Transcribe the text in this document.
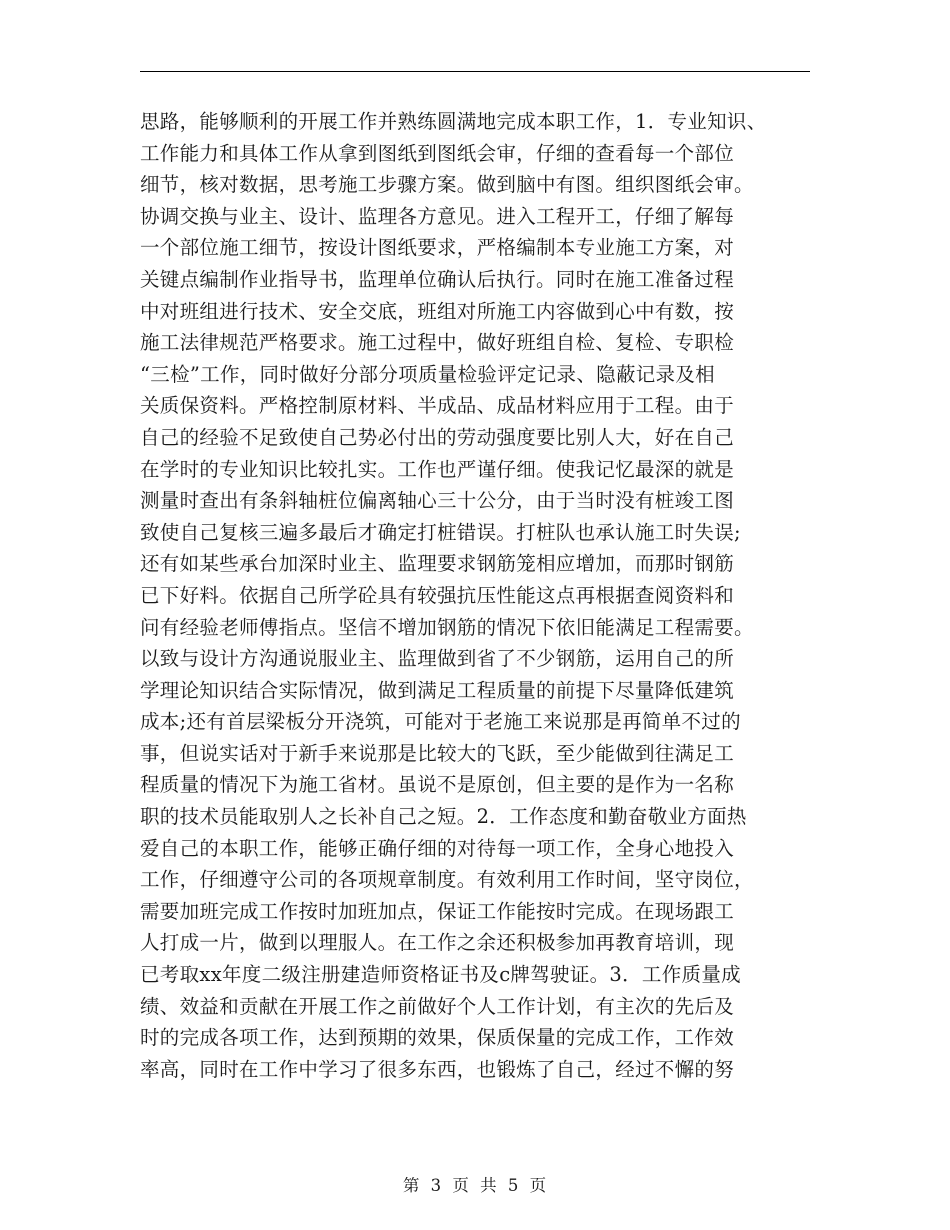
思路，能够顺利的开展工作并熟练圆满地完成本职工作，1．专业知识、
工作能力和具体工作从拿到图纸到图纸会审，仔细的查看每一个部位
细节，核对数据，思考施工步骤方案。做到脑中有图。组织图纸会审。
协调交换与业主、设计、监理各方意见。进入工程开工，仔细了解每
一个部位施工细节，按设计图纸要求，严格编制本专业施工方案，对
关键点编制作业指导书，监理单位确认后执行。同时在施工准备过程
中对班组进行技术、安全交底，班组对所施工内容做到心中有数，按
施工法律规范严格要求。施工过程中，做好班组自检、复检、专职检
“三检”工作，同时做好分部分项质量检验评定记录、隐蔽记录及相
关质保资料。严格控制原材料、半成品、成品材料应用于工程。由于
自己的经验不足致使自己势必付出的劳动强度要比别人大，好在自己
在学时的专业知识比较扎实。工作也严谨仔细。使我记忆最深的就是
测量时查出有条斜轴桩位偏离轴心三十公分，由于当时没有桩竣工图
致使自己复核三遍多最后才确定打桩错误。打桩队也承认施工时失误;
还有如某些承台加深时业主、监理要求钢筋笼相应增加，而那时钢筋
已下好料。依据自己所学砼具有较强抗压性能这点再根据查阅资料和
问有经验老师傅指点。坚信不增加钢筋的情况下依旧能满足工程需要。
以致与设计方沟通说服业主、监理做到省了不少钢筋，运用自己的所
学理论知识结合实际情况，做到满足工程质量的前提下尽量降低建筑
成本;还有首层梁板分开浇筑，可能对于老施工来说那是再简单不过的
事，但说实话对于新手来说那是比较大的飞跃，至少能做到往满足工
程质量的情况下为施工省材。虽说不是原创，但主要的是作为一名称
职的技术员能取别人之长补自己之短。2．工作态度和勤奋敬业方面热
爱自己的本职工作，能够正确仔细的对待每一项工作，全身心地投入
工作，仔细遵守公司的各项规章制度。有效利用工作时间，坚守岗位，
需要加班完成工作按时加班加点，保证工作能按时完成。在现场跟工
人打成一片，做到以理服人。在工作之余还积极参加再教育培训，现
已考取xx年度二级注册建造师资格证书及c牌驾驶证。3．工作质量成
绩、效益和贡献在开展工作之前做好个人工作计划，有主次的先后及
时的完成各项工作，达到预期的效果，保质保量的完成工作，工作效
率高，同时在工作中学习了很多东西，也锻炼了自己，经过不懈的努
第 3 页 共 5 页
